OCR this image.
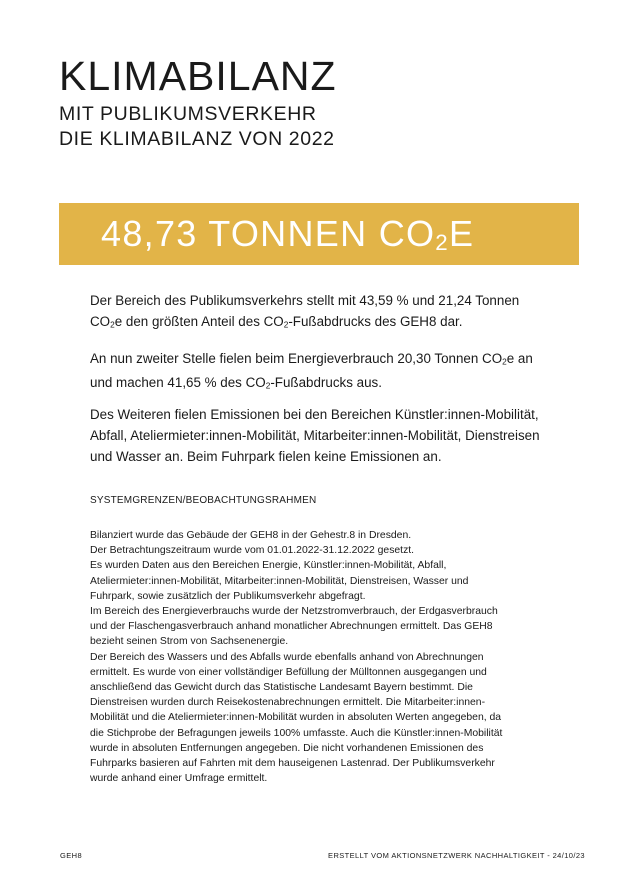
KLIMABILANZ
MIT PUBLIKUMSVERKEHR
DIE KLIMABILANZ VON 2022
48,73 TONNEN CO2E
Der Bereich des Publikumsverkehrs stellt mit 43,59 % und 21,24 Tonnen
CO2e den größten Anteil des CO2-Fußabdrucks des GEH8 dar.
An nun zweiter Stelle fielen beim Energieverbrauch 20,30 Tonnen CO2e an
und machen 41,65 % des CO2-Fußabdrucks aus.
Des Weiteren fielen Emissionen bei den Bereichen Künstler:innen-Mobilität,
Abfall, Ateliermieter:innen-Mobilität, Mitarbeiter:innen-Mobilität, Dienstreisen
und Wasser an. Beim Fuhrpark fielen keine Emissionen an.
SYSTEMGRENZEN/BEOBACHTUNGSRAHMEN
Bilanziert wurde das Gebäude der GEH8 in der Gehestr.8 in Dresden.
Der Betrachtungszeitraum wurde vom 01.01.2022-31.12.2022 gesetzt.
Es wurden Daten aus den Bereichen Energie, Künstler:innen-Mobilität, Abfall,
Ateliermieter:innen-Mobilität, Mitarbeiter:innen-Mobilität, Dienstreisen, Wasser und
Fuhrpark, sowie zusätzlich der Publikumsverkehr abgefragt.
Im Bereich des Energieverbrauchs wurde der Netzstromverbrauch, der Erdgasverbrauch
und der Flaschengasverbrauch anhand monatlicher Abrechnungen ermittelt. Das GEH8
bezieht seinen Strom von Sachsenenergie.
Der Bereich des Wassers und des Abfalls wurde ebenfalls anhand von Abrechnungen
ermittelt. Es wurde von einer vollständiger Befüllung der Mülltonnen ausgegangen und
anschließend das Gewicht durch das Statistische Landesamt Bayern bestimmt. Die
Dienstreisen wurden durch Reisekostenabrechnungen ermittelt. Die Mitarbeiter:innen-
Mobilität und die Ateliermieter:innen-Mobilität wurden in absoluten Werten angegeben, da
die Stichprobe der Befragungen jeweils 100% umfasste. Auch die Künstler:innen-Mobilität
wurde in absoluten Entfernungen angegeben. Die nicht vorhandenen Emissionen des
Fuhrparks basieren auf Fahrten mit dem hauseigenen Lastenrad. Der Publikumsverkehr
wurde anhand einer Umfrage ermittelt.
GEH8	ERSTELLT VOM AKTIONSNETZWERK NACHHALTIGKEIT - 24/10/23
